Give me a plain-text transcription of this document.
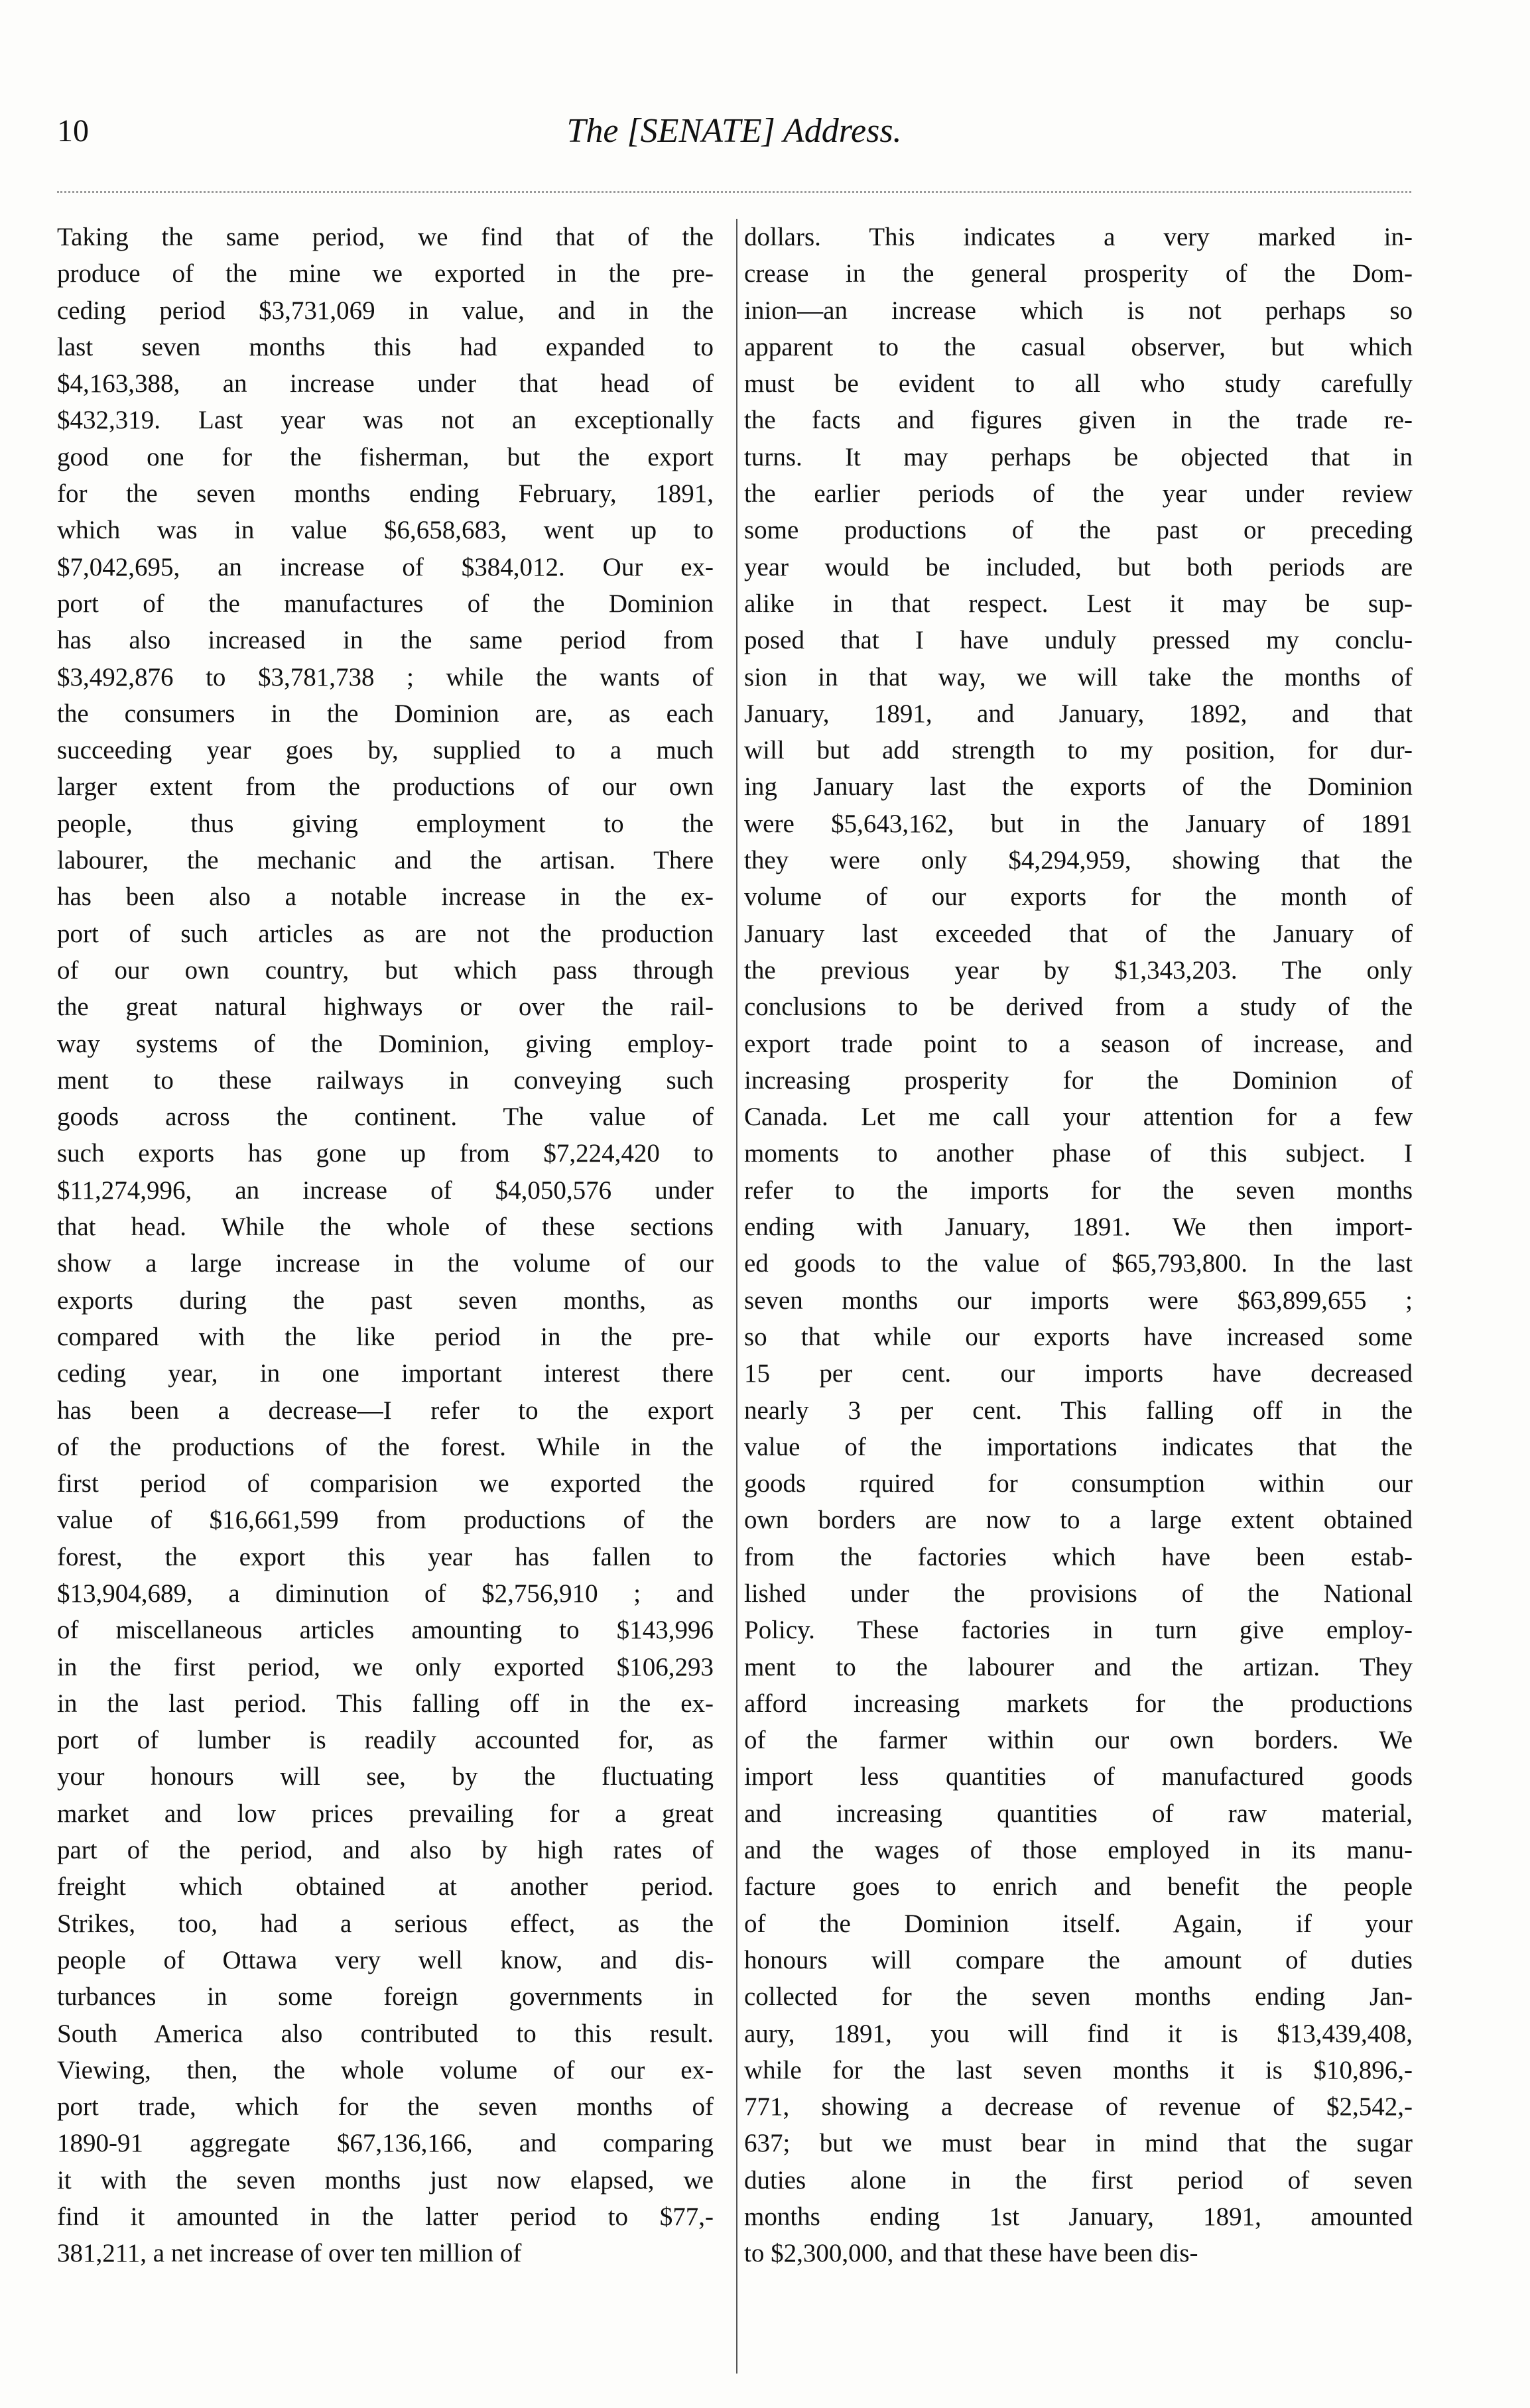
10	The [SENATE] Address.
Taking the same period, we find that of the
produce of the mine we exported in the pre-
ceding period $3,731,069 in value, and in the
last seven months this had expanded to
$4,163,388, an increase under that head of
$432,319. Last year was not an exceptionally
good one for the fisherman, but the export
for the seven months ending February, 1891,
which was in value $6,658,683, went up to
$7,042,695, an increase of $384,012. Our ex-
port of the manufactures of the Dominion
has also increased in the same period from
$3,492,876 to $3,781,738 ; while the wants of
the consumers in the Dominion are, as each
succeeding year goes by, supplied to a much
larger extent from the productions of our own
people, thus giving employment to the
labourer, the mechanic and the artisan. There
has been also a notable increase in the ex-
port of such articles as are not the production
of our own country, but which pass through
the great natural highways or over the rail-
way systems of the Dominion, giving employ-
ment to these railways in conveying such
goods across the continent. The value of
such exports has gone up from $7,224,420 to
$11,274,996, an increase of $4,050,576 under
that head. While the whole of these sections
show a large increase in the volume of our
exports during the past seven months, as
compared with the like period in the pre-
ceding year, in one important interest there
has been a decrease—I refer to the export
of the productions of the forest. While in the
first period of comparision we exported the
value of $16,661,599 from productions of the
forest, the export this year has fallen to
$13,904,689, a diminution of $2,756,910 ; and
of miscellaneous articles amounting to $143,996
in the first period, we only exported $106,293
in the last period. This falling off in the ex-
port of lumber is readily accounted for, as
your honours will see, by the fluctuating
market and low prices prevailing for a great
part of the period, and also by high rates of
freight which obtained at another period.
Strikes, too, had a serious effect, as the
people of Ottawa very well know, and dis-
turbances in some foreign governments in
South America also contributed to this result.
Viewing, then, the whole volume of our ex-
port trade, which for the seven months of
1890-91 aggregate $67,136,166, and comparing
it with the seven months just now elapsed, we
find it amounted in the latter period to $77,-
381,211, a net increase of over ten million of
dollars. This indicates a very marked in-
crease in the general prosperity of the Dom-
inion—an increase which is not perhaps so
apparent to the casual observer, but which
must be evident to all who study carefully
the facts and figures given in the trade re-
turns. It may perhaps be objected that in
the earlier periods of the year under review
some productions of the past or preceding
year would be included, but both periods are
alike in that respect. Lest it may be sup-
posed that I have unduly pressed my conclu-
sion in that way, we will take the months of
January, 1891, and January, 1892, and that
will but add strength to my position, for dur-
ing January last the exports of the Dominion
were $5,643,162, but in the January of 1891
they were only $4,294,959, showing that the
volume of our exports for the month of
January last exceeded that of the January of
the previous year by $1,343,203. The only
conclusions to be derived from a study of the
export trade point to a season of increase, and
increasing prosperity for the Dominion of
Canada. Let me call your attention for a few
moments to another phase of this subject. I
refer to the imports for the seven months
ending with January, 1891. We then import-
ed goods to the value of $65,793,800. In the last
seven months our imports were $63,899,655 ;
so that while our exports have increased some
15 per cent. our imports have decreased
nearly 3 per cent. This falling off in the
value of the importations indicates that the
goods rquired for consumption within our
own borders are now to a large extent obtained
from the factories which have been estab-
lished under the provisions of the National
Policy. These factories in turn give employ-
ment to the labourer and the artizan. They
afford increasing markets for the productions
of the farmer within our own borders. We
import less quantities of manufactured goods
and increasing quantities of raw material,
and the wages of those employed in its manu-
facture goes to enrich and benefit the people
of the Dominion itself. Again, if your
honours will compare the amount of duties
collected for the seven months ending Jan-
aury, 1891, you will find it is $13,439,408,
while for the last seven months it is $10,896,-
771, showing a decrease of revenue of $2,542,-
637; but we must bear in mind that the sugar
duties alone in the first period of seven
months ending 1st January, 1891, amounted
to $2,300,000, and that these have been dis-
